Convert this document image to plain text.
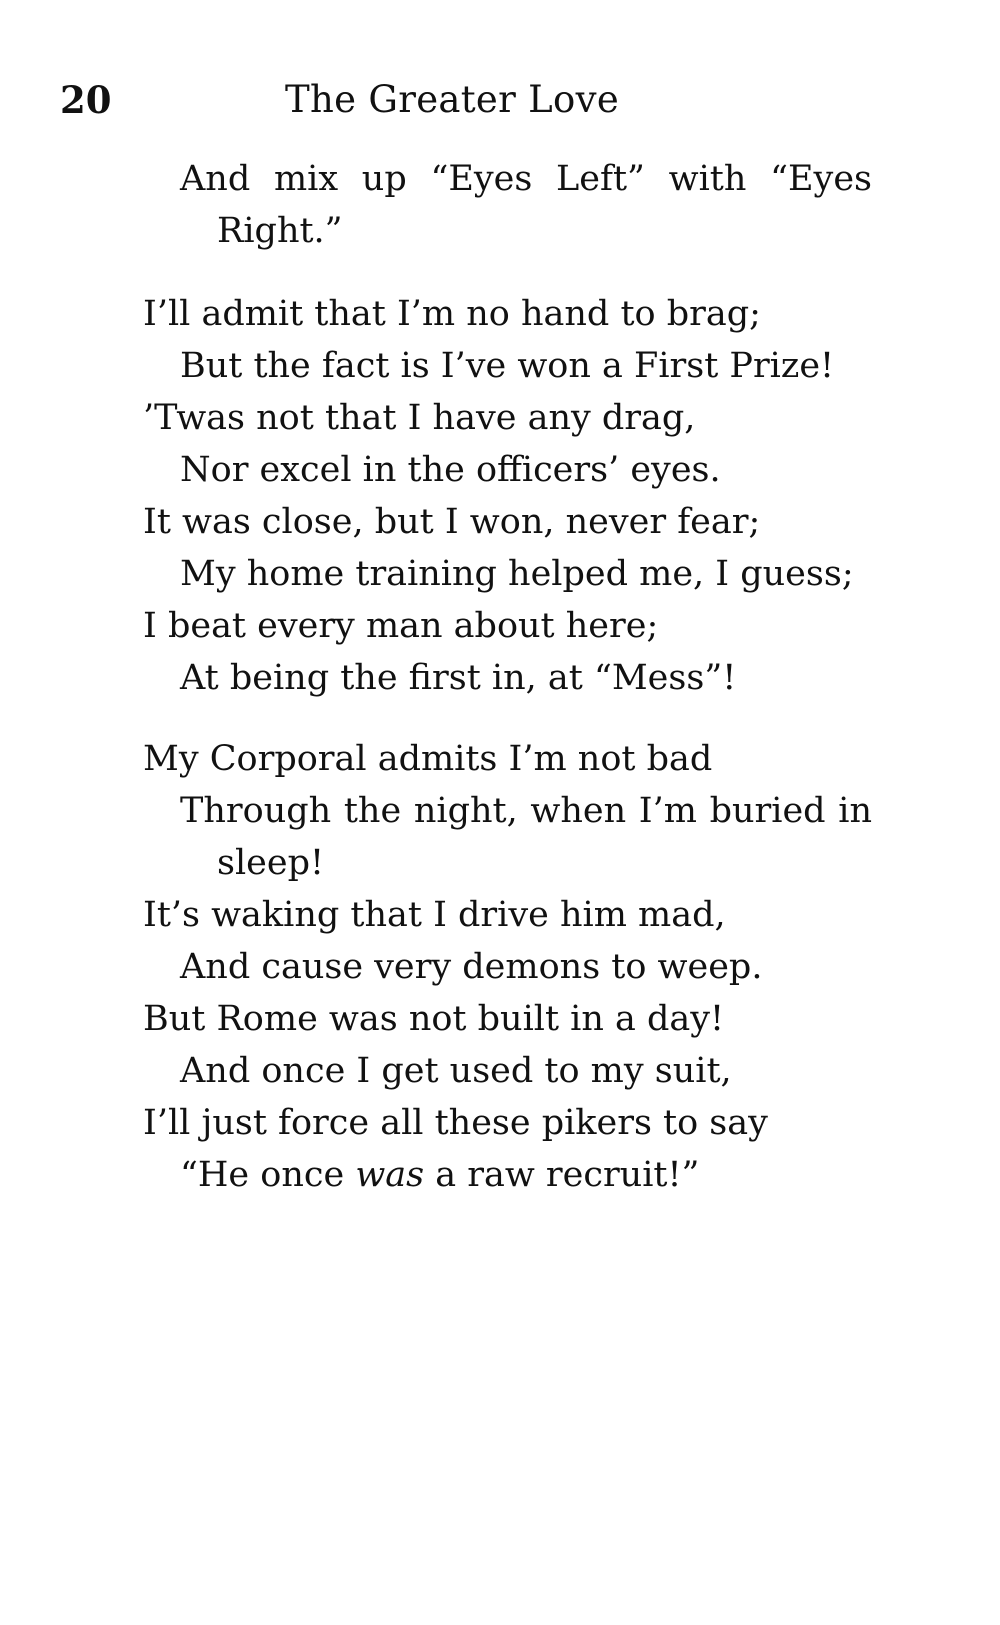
20	The Greater Love
And mix up “Eyes Left” with “Eyes
Right.”
I’ll admit that I’m no hand to brag;
But the fact is I’ve won a First Prize!
’Twas not that I have any drag,
Nor excel in the officers’ eyes.
It was close, but I won, never fear;
My home training helped me, I guess;
I beat every man about here;
At being the first in, at “Mess”!
My Corporal admits I’m not bad
Through the night, when I’m buried in
sleep!
It’s waking that I drive him mad,
And cause very demons to weep.
But Rome was not built in a day!
And once I get used to my suit,
I’ll just force all these pikers to say
“He once was a raw recruit!”
